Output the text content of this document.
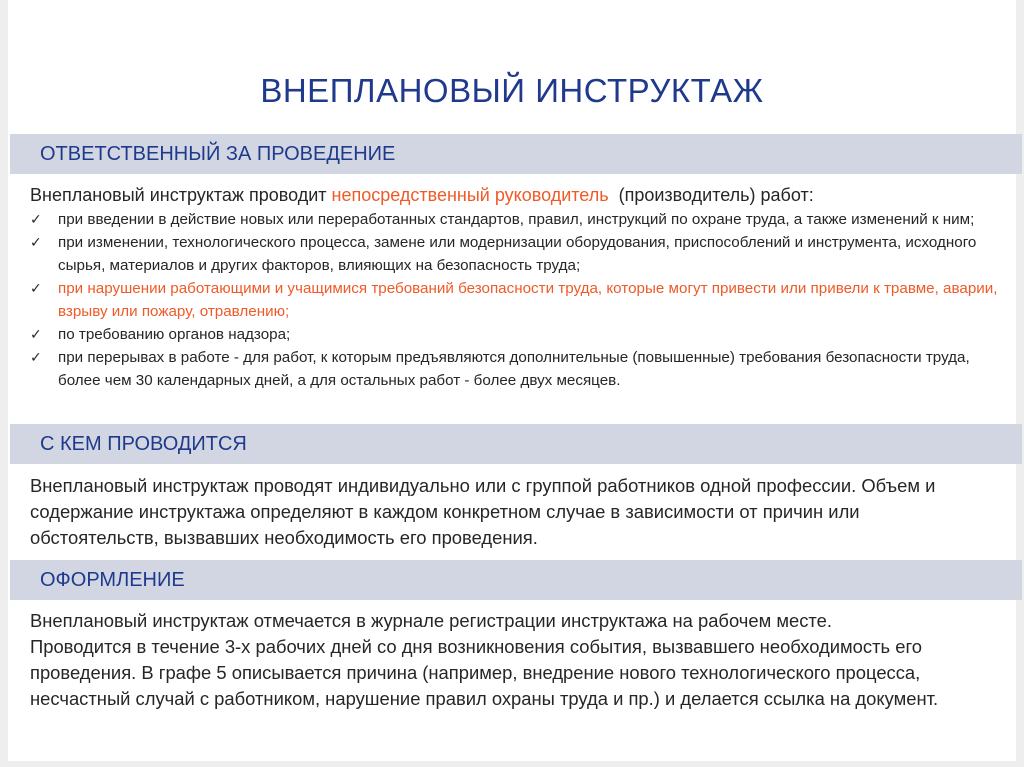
ВНЕПЛАНОВЫЙ ИНСТРУКТАЖ
ОТВЕТСТВЕННЫЙ ЗА ПРОВЕДЕНИЕ
Внеплановый инструктаж проводит непосредственный руководитель  (производитель) работ:
✓ при введении в действие новых или переработанных стандартов, правил, инструкций по охране труда, а также изменений к ним;
✓ при изменении, технологического процесса, замене или модернизации оборудования, приспособлений и инструмента, исходного сырья, материалов и других факторов, влияющих на безопасность труда;
✓ при нарушении работающими и учащимися требований безопасности труда, которые могут привести или привели к травме, аварии, взрыву или пожару, отравлению;
✓ по требованию органов надзора;
✓ при перерывах в работе - для работ, к которым предъявляются дополнительные (повышенные) требования безопасности труда, более чем 30 календарных дней, а для остальных работ - более двух месяцев.
С КЕМ ПРОВОДИТСЯ

Внеплановый инструктаж проводят индивидуально или с группой работников одной профессии. Объем и содержание инструктажа определяют в каждом конкретном случае в зависимости от причин или обстоятельств, вызвавших необходимость его проведения.

ОФОРМЛЕНИЕ

Внеплановый инструктаж отмечается в журнале регистрации инструктажа на рабочем месте.

Проводится в течение 3-х рабочих дней со дня возникновения события, вызвавшего необходимость его проведения. В графе 5 описывается причина (например, внедрение нового технологического процесса, несчастный случай с работником, нарушение правил охраны труда и пр.) и делается ссылка на документ.
